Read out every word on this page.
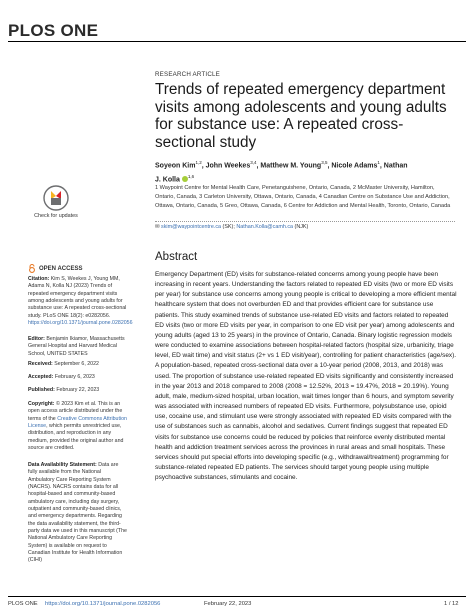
PLOS ONE
RESEARCH ARTICLE
Trends of repeated emergency department visits among adolescents and young adults for substance use: A repeated cross-sectional study
Soyeon Kim$^{1,2}$, John Weekes$^{3,4}$, Matthew M. Young$^{3,5}$, Nicole Adams$^1$, Nathan
J. Kolla $^{1,6}$
1 Waypoint Centre for Mental Health Care, Penetanguishene, Ontario, Canada, 2 McMaster University, Hamilton, Ontario, Canada, 3 Carleton University, Ottawa, Ontario, Canada, 4 Canadian Centre on Substance Use and Addiction, Ottawa, Ontario, Canada, 5 Greo, Ottawa, Canada, 6 Centre for Addiction and Mental Health, Toronto, Ontario, Canada
✉ skim@waypointcentre.ca (SK); Nathan.Kolla@camh.ca (NJK)
Abstract
Emergency Department (ED) visits for substance-related concerns among young people have been increasing in recent years. Understanding the factors related to repeated ED visits (two or more ED visits per year) for substance use concerns among young people is critical to developing a more efficient mental healthcare system that does not overburden ED and that provides efficient care for substance use patients. This study examined trends of substance use-related ED visits and factors related to repeated ED visits (two or more ED visits per year, in comparison to one ED visit per year) among adolescents and young adults (aged 13 to 25 years) in the province of Ontario, Canada. Binary logistic regression models were conducted to examine associations between hospital-related factors (hospital size, urbanicity, triage level, ED wait time) and visit status (2+ vs 1 ED visit/year), controlling for patient characteristics (age/sex). A population-based, repeated cross-sectional data over a 10-year period (2008, 2013, and 2018) was used. The proportion of substance use-related repeated ED visits significantly and consistently increased in the year 2013 and 2018 compared to 2008 (2008 = 12.52%, 2013 = 19.47%, 2018 = 20.19%). Young adult, male, medium-sized hospital, urban location, wait times longer than 6 hours, and symptom severity was associated with increased numbers of repeated ED visits. Furthermore, polysubstance use, opioid use, cocaine use, and stimulant use were strongly associated with repeated ED visits compared with the use of substances such as cannabis, alcohol and sedatives. Current findings suggest that repeated ED visits for substance use concerns could be reduced by policies that reinforce evenly distributed mental health and addiction treatment services across the provinces in rural areas and small hospitals. These services should put special efforts into developing specific (e.g., withdrawal/treatment) programming for substance-related repeated ED patients. The services should target young people using multiple psychoactive substances, stimulants and cocaine.
Check for updates
OPEN ACCESS
Citation: Kim S, Weekes J, Young MM, Adams N, Kolla NJ (2023) Trends of repeated emergency department visits among adolescents and young adults for substance use: A repeated cross-sectional study. PLoS ONE 18(2): e0282056. https://doi.org/10.1371/journal.pone.0282056
Editor: Benjamin Ikiamor, Massachusetts General Hospital and Harvard Medical School, UNITED STATES
Received: September 6, 2022
Accepted: February 6, 2023
Published: February 22, 2023
Copyright: © 2023 Kim et al. This is an open access article distributed under the terms of the Creative Commons Attribution License, which permits unrestricted use, distribution, and reproduction in any medium, provided the original author and source are credited.
Data Availability Statement: Data are fully available from the National Ambulatory Care Reporting System (NACRS). NACRS contains data for all hospital-based and community-based ambulatory care, including day surgery, outpatient and community-based clinics, and emergency departments. Regarding the data availability statement, the third-party data we used in this manuscript (The National Ambulatory Care Reporting System) is available on request to Canadian Institute for Health Information (CIHI)
PLOS ONE https://doi.org/10.1371/journal.pone.0282056	February 22, 2023	1 / 12
